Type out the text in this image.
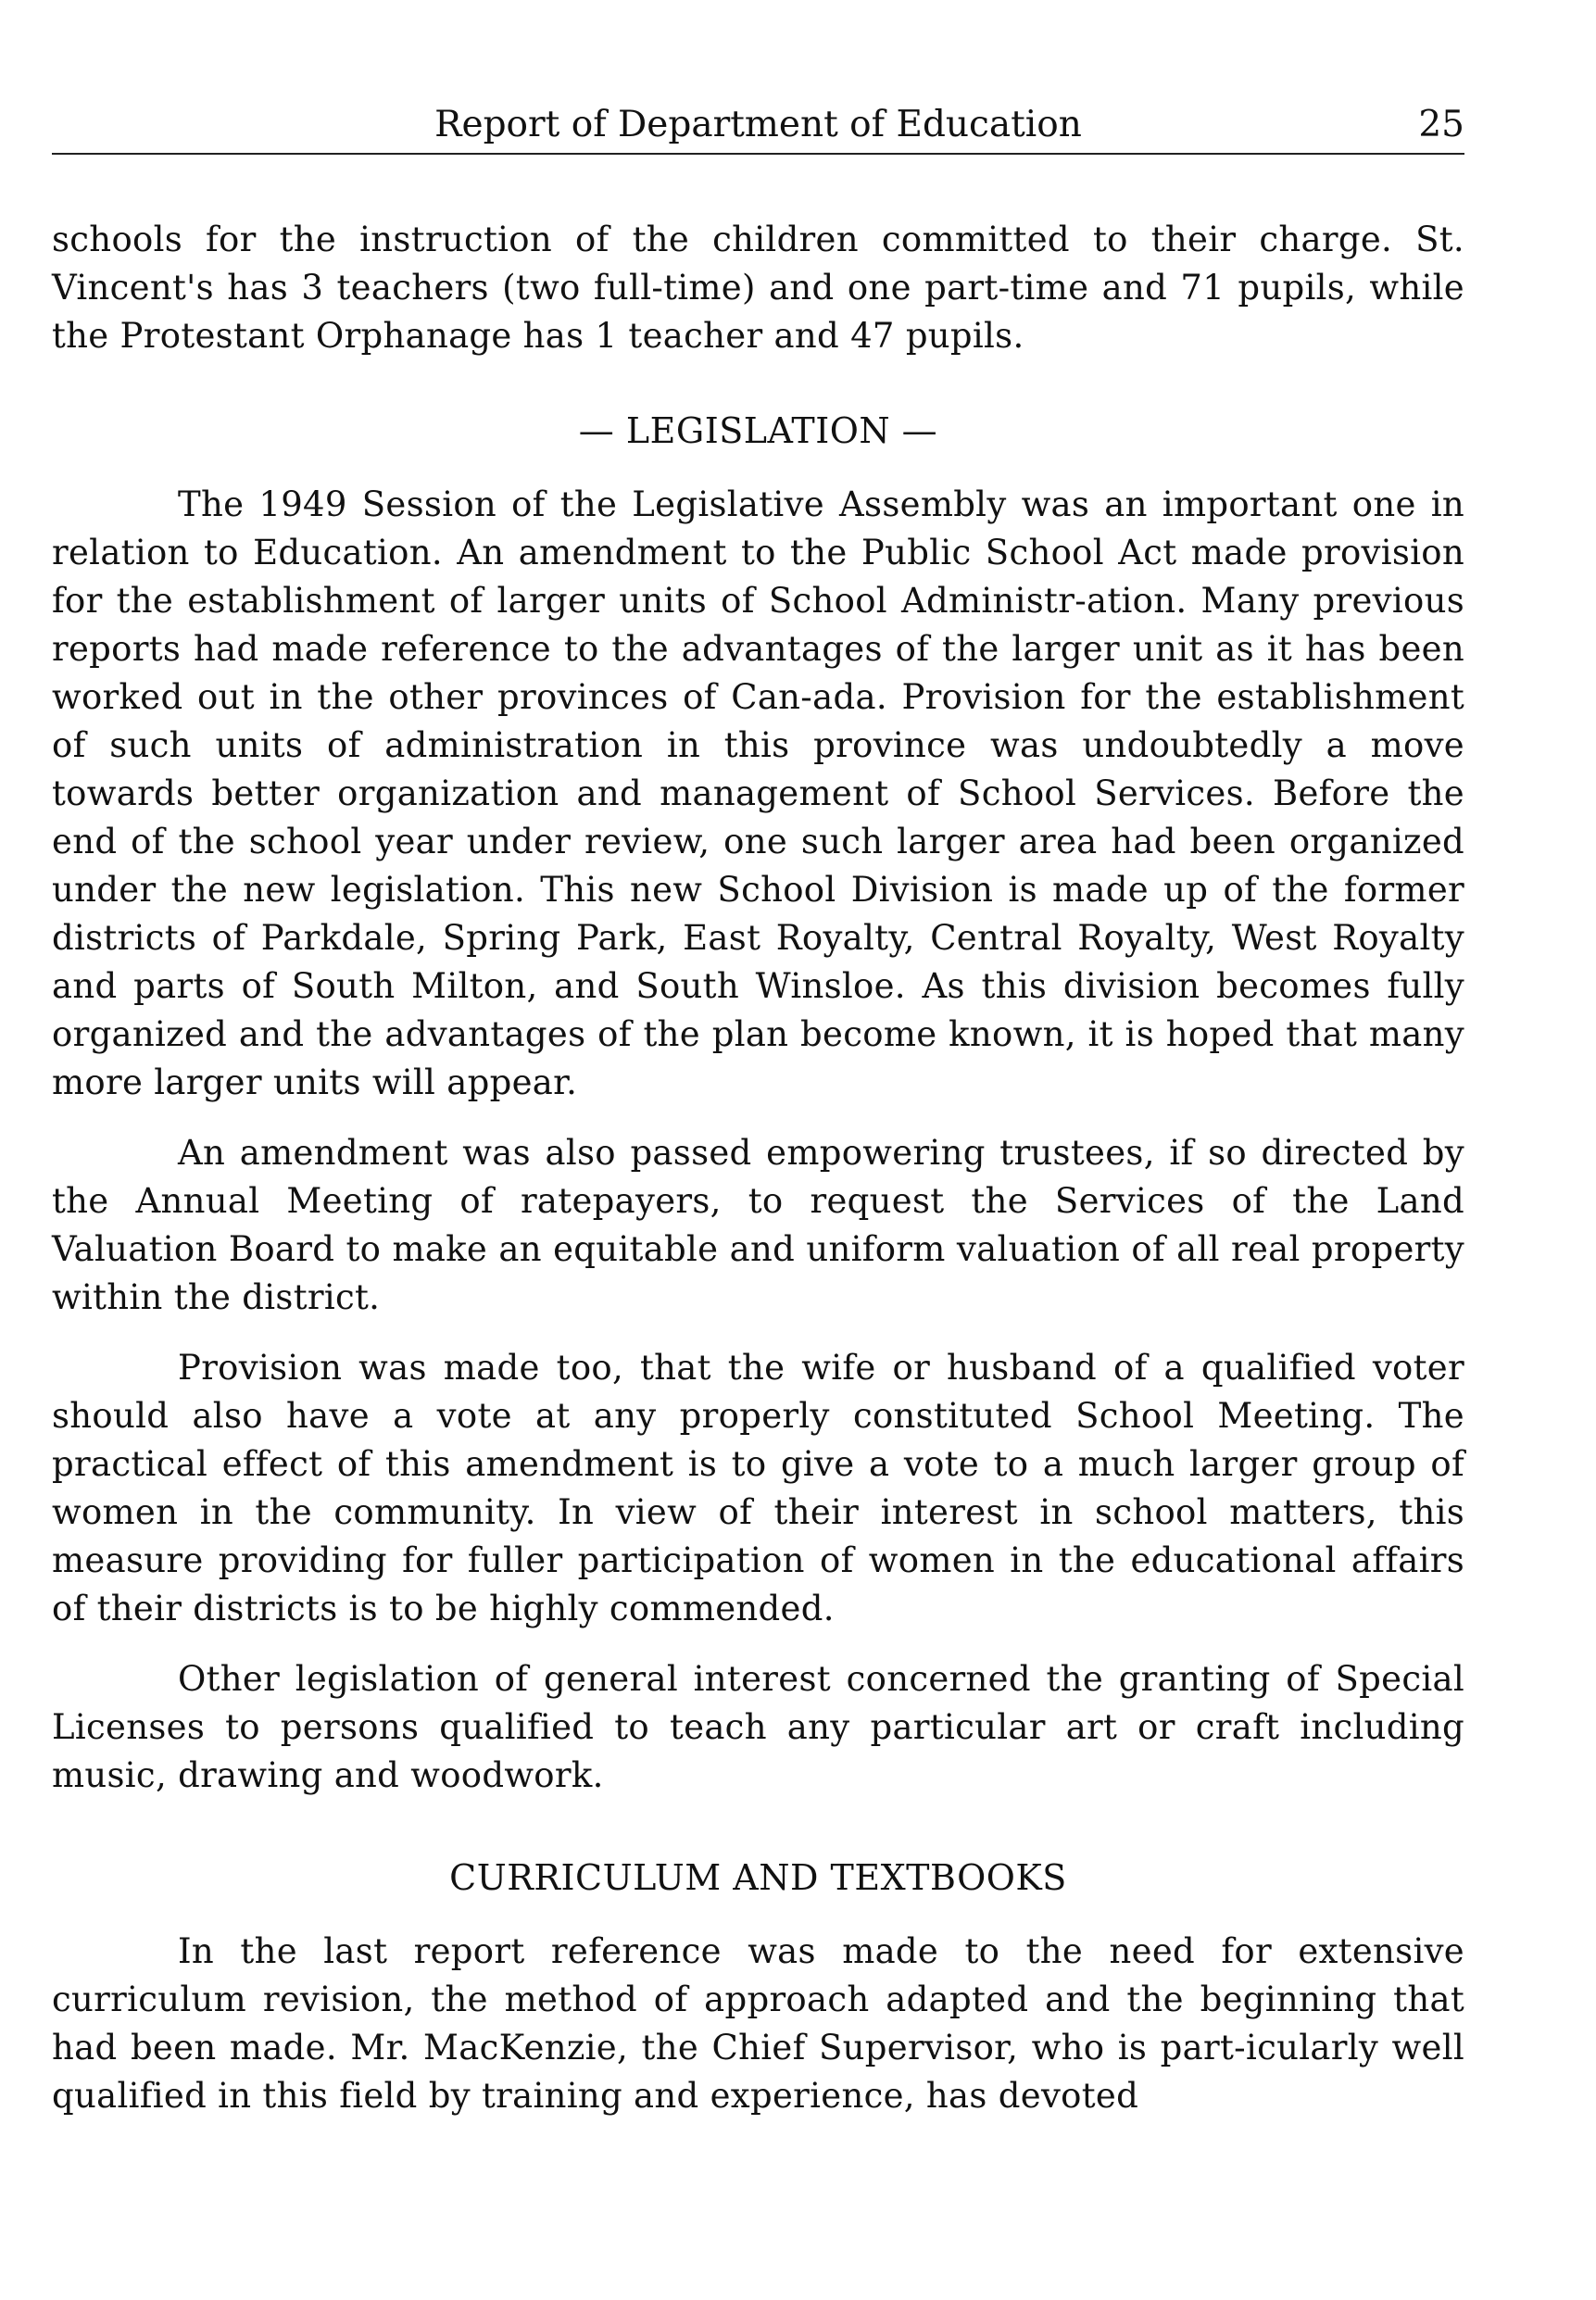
Report of Department of Education	25

schools for the instruction of the children committed to their charge. St. Vincent's has 3 teachers (two full-time) and one part-time and 71 pupils, while the Protestant Orphanage has 1 teacher and 47 pupils.

— LEGISLATION —

The 1949 Session of the Legislative Assembly was an important one in relation to Education. An amendment to the Public School Act made provision for the establishment of larger units of School Administr-ation. Many previous reports had made reference to the advantages of the larger unit as it has been worked out in the other provinces of Can-ada. Provision for the establishment of such units of administration in this province was undoubtedly a move towards better organization and management of School Services. Before the end of the school year under review, one such larger area had been organized under the new legislation. This new School Division is made up of the former districts of Parkdale, Spring Park, East Royalty, Central Royalty, West Royalty and parts of South Milton, and South Winsloe. As this division becomes fully organized and the advantages of the plan become known, it is hoped that many more larger units will appear.

An amendment was also passed empowering trustees, if so directed by the Annual Meeting of ratepayers, to request the Services of the Land Valuation Board to make an equitable and uniform valuation of all real property within the district.

Provision was made too, that the wife or husband of a qualified voter should also have a vote at any properly constituted School Meeting. The practical effect of this amendment is to give a vote to a much larger group of women in the community. In view of their interest in school matters, this measure providing for fuller participation of women in the educational affairs of their districts is to be highly commended.

Other legislation of general interest concerned the granting of Special Licenses to persons qualified to teach any particular art or craft including music, drawing and woodwork.

CURRICULUM AND TEXTBOOKS

In the last report reference was made to the need for extensive curriculum revision, the method of approach adapted and the beginning that had been made. Mr. MacKenzie, the Chief Supervisor, who is part-icularly well qualified in this field by training and experience, has devoted
